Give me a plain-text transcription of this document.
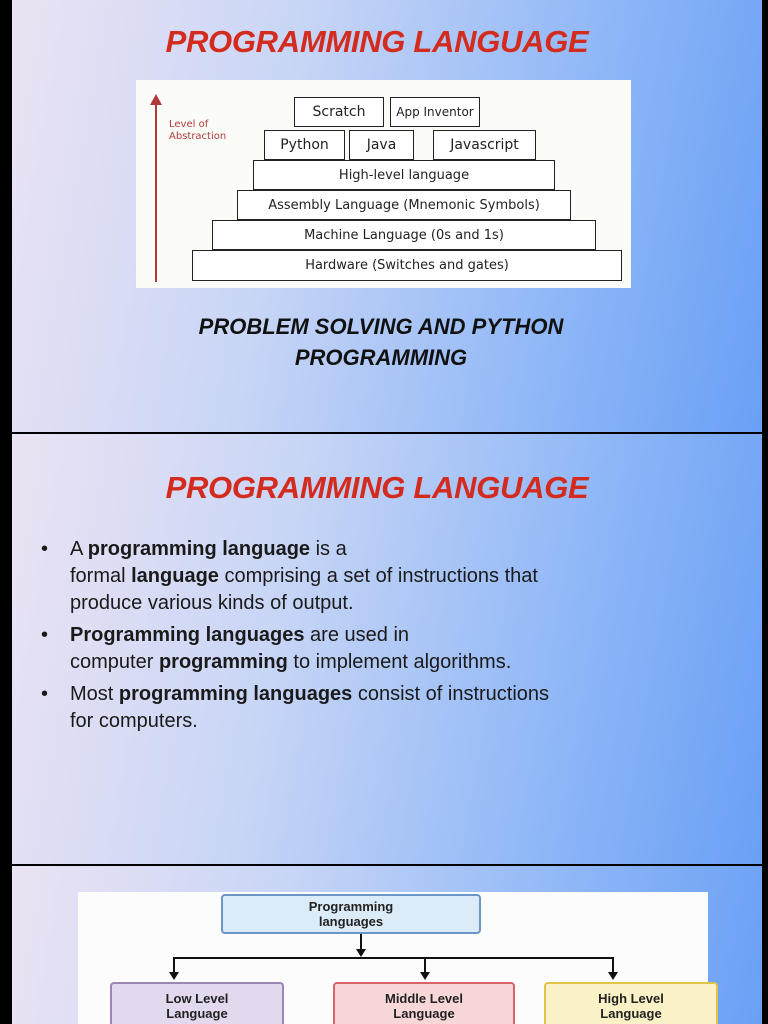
PROGRAMMING LANGUAGE
Level of
Abstraction
Scratch	App Inventor
Python	Java	Javascript
High-level language
Assembly Language (Mnemonic Symbols)
Machine Language (0s and 1s)
Hardware (Switches and gates)
PROBLEM SOLVING AND PYTHON
PROGRAMMING
PROGRAMMING LANGUAGE
• A programming language is a
formal language comprising a set of instructions that
produce various kinds of output.
• Programming languages are used in
computer programming to implement algorithms.
• Most programming languages consist of instructions
for computers.
Programming
languages
Low Level
Language
Middle Level
Language
High Level
Language
